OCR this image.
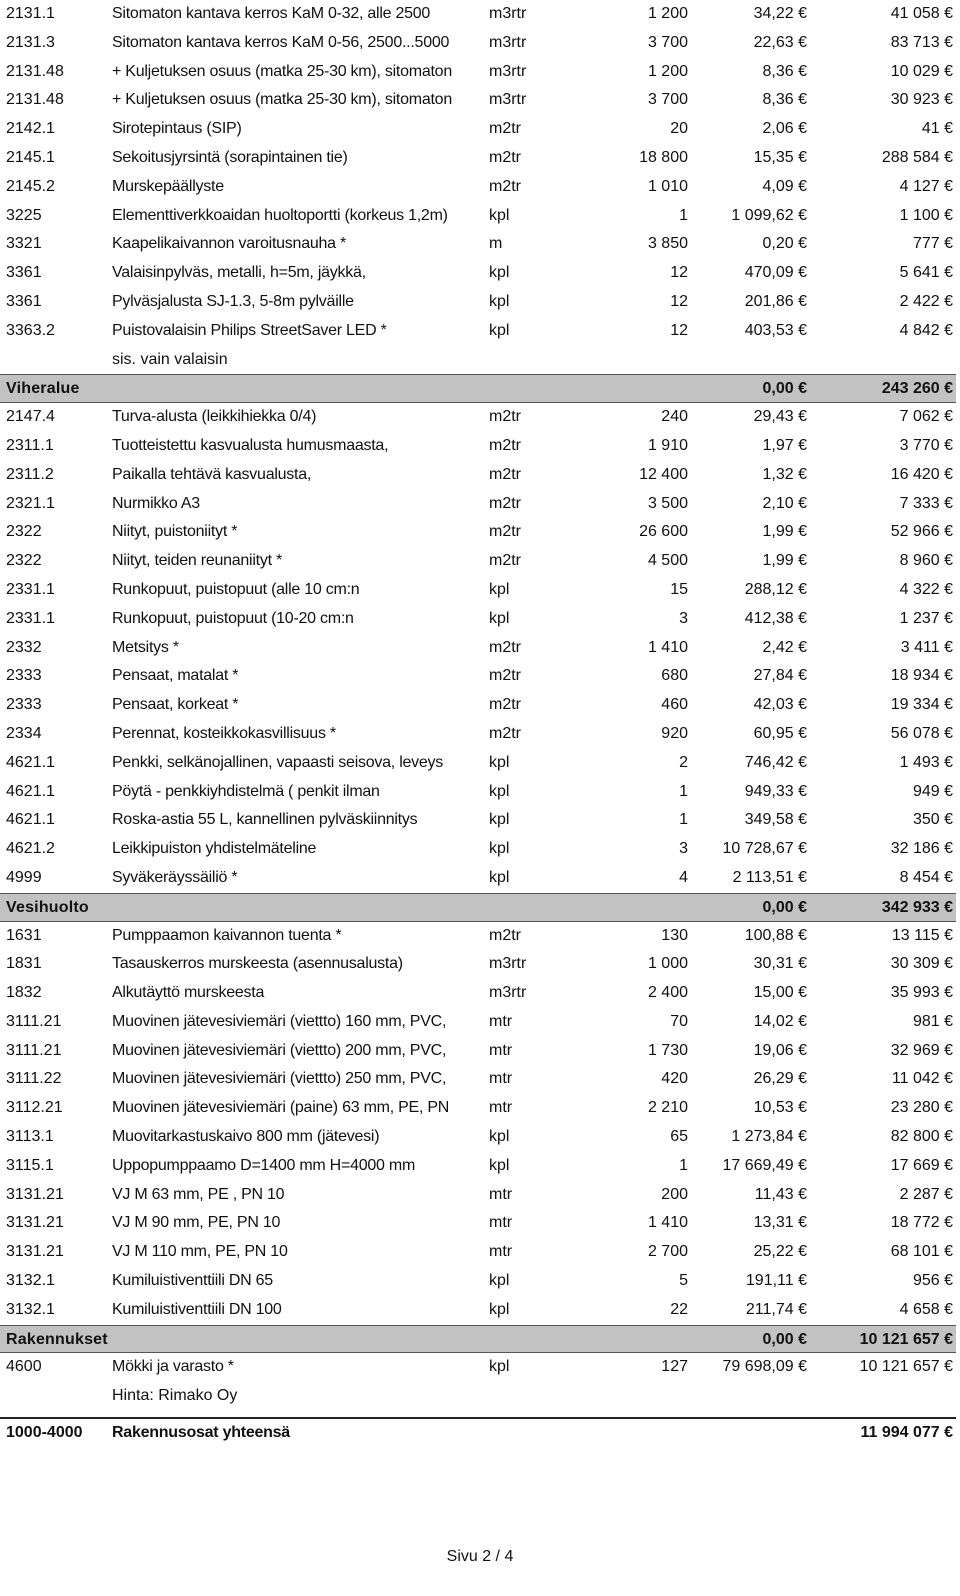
2131.1	Sitomaton kantava kerros KaM 0-32, alle 2500	m3rtr	1 200	34,22 €	41 058 €
2131.3	Sitomaton kantava kerros KaM 0-56, 2500...5000	m3rtr	3 700	22,63 €	83 713 €
2131.48	+ Kuljetuksen osuus (matka 25-30 km), sitomaton	m3rtr	1 200	8,36 €	10 029 €
2131.48	+ Kuljetuksen osuus (matka 25-30 km), sitomaton	m3rtr	3 700	8,36 €	30 923 €
2142.1	Sirotepintaus (SIP)	m2tr	20	2,06 €	41 €
2145.1	Sekoitusjyrsintä (sorapintainen tie)	m2tr	18 800	15,35 €	288 584 €
2145.2	Murskepäällyste	m2tr	1 010	4,09 €	4 127 €
3225	Elementtiverkkoaidan huoltoportti (korkeus 1,2m)	kpl	1	1 099,62 €	1 100 €
3321	Kaapelikaivannon varoitusnauha *	m	3 850	0,20 €	777 €
3361	Valaisinpylväs, metalli, h=5m, jäykkä,	kpl	12	470,09 €	5 641 €
3361	Pylväsjalusta SJ-1.3, 5-8m pylväille	kpl	12	201,86 €	2 422 €
3363.2	Puistovalaisin Philips StreetSaver LED *	kpl	12	403,53 €	4 842 €
sis. vain valaisin
Viheralue	0,00 €	243 260 €
2147.4	Turva-alusta (leikkihiekka 0/4)	m2tr	240	29,43 €	7 062 €
2311.1	Tuotteistettu kasvualusta humusmaasta,	m2tr	1 910	1,97 €	3 770 €
2311.2	Paikalla tehtävä kasvualusta,	m2tr	12 400	1,32 €	16 420 €
2321.1	Nurmikko A3	m2tr	3 500	2,10 €	7 333 €
2322	Niityt, puistoniityt *	m2tr	26 600	1,99 €	52 966 €
2322	Niityt, teiden reunaniityt *	m2tr	4 500	1,99 €	8 960 €
2331.1	Runkopuut, puistopuut (alle 10 cm:n	kpl	15	288,12 €	4 322 €
2331.1	Runkopuut, puistopuut (10-20 cm:n	kpl	3	412,38 €	1 237 €
2332	Metsitys *	m2tr	1 410	2,42 €	3 411 €
2333	Pensaat, matalat *	m2tr	680	27,84 €	18 934 €
2333	Pensaat, korkeat *	m2tr	460	42,03 €	19 334 €
2334	Perennat, kosteikkokasvillisuus *	m2tr	920	60,95 €	56 078 €
4621.1	Penkki, selkänojallinen, vapaasti seisova, leveys	kpl	2	746,42 €	1 493 €
4621.1	Pöytä - penkkiyhdistelmä ( penkit ilman	kpl	1	949,33 €	949 €
4621.1	Roska-astia 55 L, kannellinen pylväskiinnitys	kpl	1	349,58 €	350 €
4621.2	Leikkipuiston yhdistelmäteline	kpl	3	10 728,67 €	32 186 €
4999	Syväkeräyssäiliö *	kpl	4	2 113,51 €	8 454 €
Vesihuolto	0,00 €	342 933 €
1631	Pumppaamon kaivannon tuenta *	m2tr	130	100,88 €	13 115 €
1831	Tasauskerros murskeesta (asennusalusta)	m3rtr	1 000	30,31 €	30 309 €
1832	Alkutäyttö murskeesta	m3rtr	2 400	15,00 €	35 993 €
3111.21	Muovinen jätevesiviemäri (viettto) 160 mm, PVC,	mtr	70	14,02 €	981 €
3111.21	Muovinen jätevesiviemäri (viettto) 200 mm, PVC,	mtr	1 730	19,06 €	32 969 €
3111.22	Muovinen jätevesiviemäri (viettto) 250 mm, PVC,	mtr	420	26,29 €	11 042 €
3112.21	Muovinen jätevesiviemäri (paine) 63 mm, PE, PN	mtr	2 210	10,53 €	23 280 €
3113.1	Muovitarkastuskaivo 800 mm (jätevesi)	kpl	65	1 273,84 €	82 800 €
3115.1	Uppopumppaamo D=1400 mm H=4000 mm	kpl	1	17 669,49 €	17 669 €
3131.21	VJ M 63 mm, PE , PN 10	mtr	200	11,43 €	2 287 €
3131.21	VJ M 90 mm, PE, PN 10	mtr	1 410	13,31 €	18 772 €
3131.21	VJ M 110 mm, PE, PN 10	mtr	2 700	25,22 €	68 101 €
3132.1	Kumiluistiventtiili DN 65	kpl	5	191,11 €	956 €
3132.1	Kumiluistiventtiili DN 100	kpl	22	211,74 €	4 658 €
Rakennukset	0,00 €	10 121 657 €
4600	Mökki ja varasto *	kpl	127	79 698,09 €	10 121 657 €
Hinta: Rimako Oy
1000-4000	Rakennusosat yhteensä	11 994 077 €
Sivu 2 / 4
